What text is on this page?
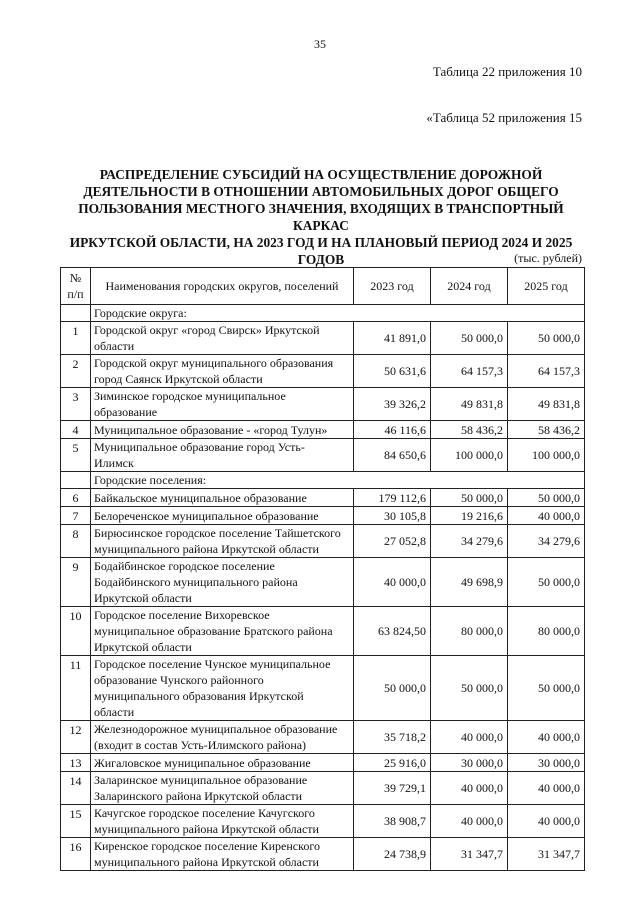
35
Таблица 22 приложения 10
«Таблица 52 приложения 15
РАСПРЕДЕЛЕНИЕ СУБСИДИЙ НА ОСУЩЕСТВЛЕНИЕ ДОРОЖНОЙ
ДЕЯТЕЛЬНОСТИ В ОТНОШЕНИИ АВТОМОБИЛЬНЫХ ДОРОГ ОБЩЕГО
ПОЛЬЗОВАНИЯ МЕСТНОГО ЗНАЧЕНИЯ, ВХОДЯЩИХ В ТРАНСПОРТНЫЙ КАРКАС
ИРКУТСКОЙ ОБЛАСТИ, НА 2023 ГОД И НА ПЛАНОВЫЙ ПЕРИОД 2024 И 2025 ГОДОВ	(тыс. рублей)
№
п/п	Наименования городских округов, поселений	2023 год	2024 год	2025 год
	Городские округа:			
1	Городской округ «город Свирск» Иркутской
области	41 891,0	50 000,0	50 000,0
2	Городской округ муниципального образования
город Саянск Иркутской области	50 631,6	64 157,3	64 157,3
3	Зиминское городское муниципальное
образование	39 326,2	49 831,8	49 831,8
4	Муниципальное образование - «город Тулун»	46 116,6	58 436,2	58 436,2
5	Муниципальное образование город Усть-
Илимск	84 650,6	100 000,0	100 000,0
	Городские поселения:			
6	Байкальское муниципальное образование	179 112,6	50 000,0	50 000,0
7	Белореченское муниципальное образование	30 105,8	19 216,6	40 000,0
8	Бирюсинское городское поселение Тайшетского
муниципального района Иркутской области	27 052,8	34 279,6	34 279,6
9	Бодайбинское городское поселение
Бодайбинского муниципального района
Иркутской области	40 000,0	49 698,9	50 000,0
10	Городское поселение Вихоревское
муниципальное образование Братского района
Иркутской области	63 824,50	80 000,0	80 000,0
11	Городское поселение Чунское муниципальное
образование Чунского районного
муниципального образования Иркутской
области	50 000,0	50 000,0	50 000,0
12	Железнодорожное муниципальное образование
(входит в состав Усть-Илимского района)	35 718,2	40 000,0	40 000,0
13	Жигаловское муниципальное образование	25 916,0	30 000,0	30 000,0
14	Заларинское муниципальное образование
Заларинского района Иркутской области	39 729,1	40 000,0	40 000,0
15	Качугское городское поселение Качугского
муниципального района Иркутской области	38 908,7	40 000,0	40 000,0
16	Киренское городское поселение Киренского
муниципального района Иркутской области	24 738,9	31 347,7	31 347,7
